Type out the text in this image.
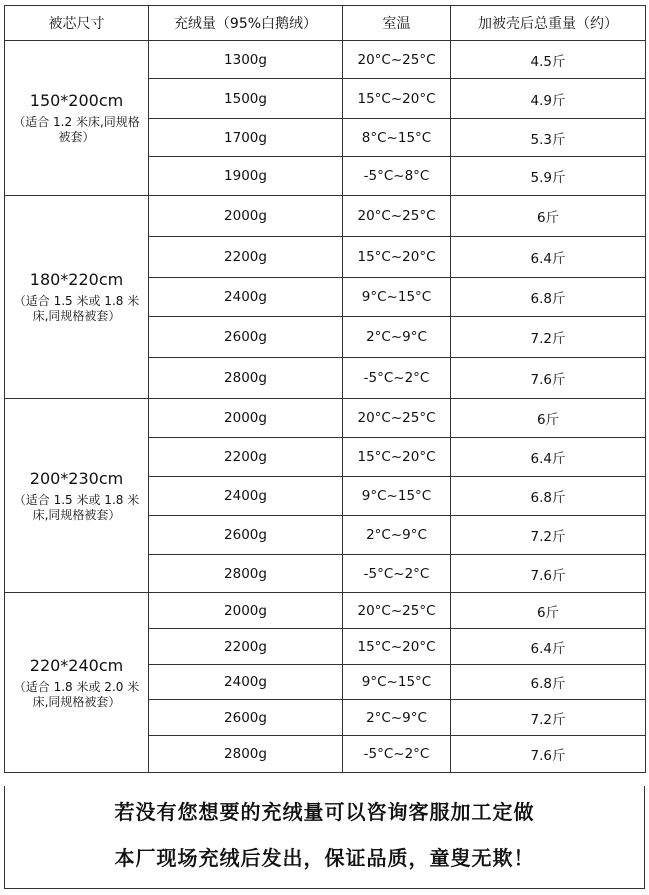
被芯尺寸	充绒量（95%白鹅绒）	室温	加被壳后总重量（约）

150*200cm
（适合 1.2 米床,同规格被套）	1300g	20°C~25°C	4.5斤
	1500g	15°C~20°C	4.9斤
	1700g	8°C~15°C	5.3斤
	1900g	-5°C~8°C	5.9斤

180*220cm
（适合 1.5 米或 1.8 米床,同规格被套）	2000g	20°C~25°C	6斤
	2200g	15°C~20°C	6.4斤
	2400g	9°C~15°C	6.8斤
	2600g	2°C~9°C	7.2斤
	2800g	-5°C~2°C	7.6斤

200*230cm
（适合 1.5 米或 1.8 米床,同规格被套）	2000g	20°C~25°C	6斤
	2200g	15°C~20°C	6.4斤
	2400g	9°C~15°C	6.8斤
	2600g	2°C~9°C	7.2斤
	2800g	-5°C~2°C	7.6斤

220*240cm
（适合 1.8 米或 2.0 米床,同规格被套）	2000g	20°C~25°C	6斤
	2200g	15°C~20°C	6.4斤
	2400g	9°C~15°C	6.8斤
	2600g	2°C~9°C	7.2斤
	2800g	-5°C~2°C	7.6斤
若没有您想要的充绒量可以咨询客服加工定做
本厂现场充绒后发出，保证品质，童叟无欺！
